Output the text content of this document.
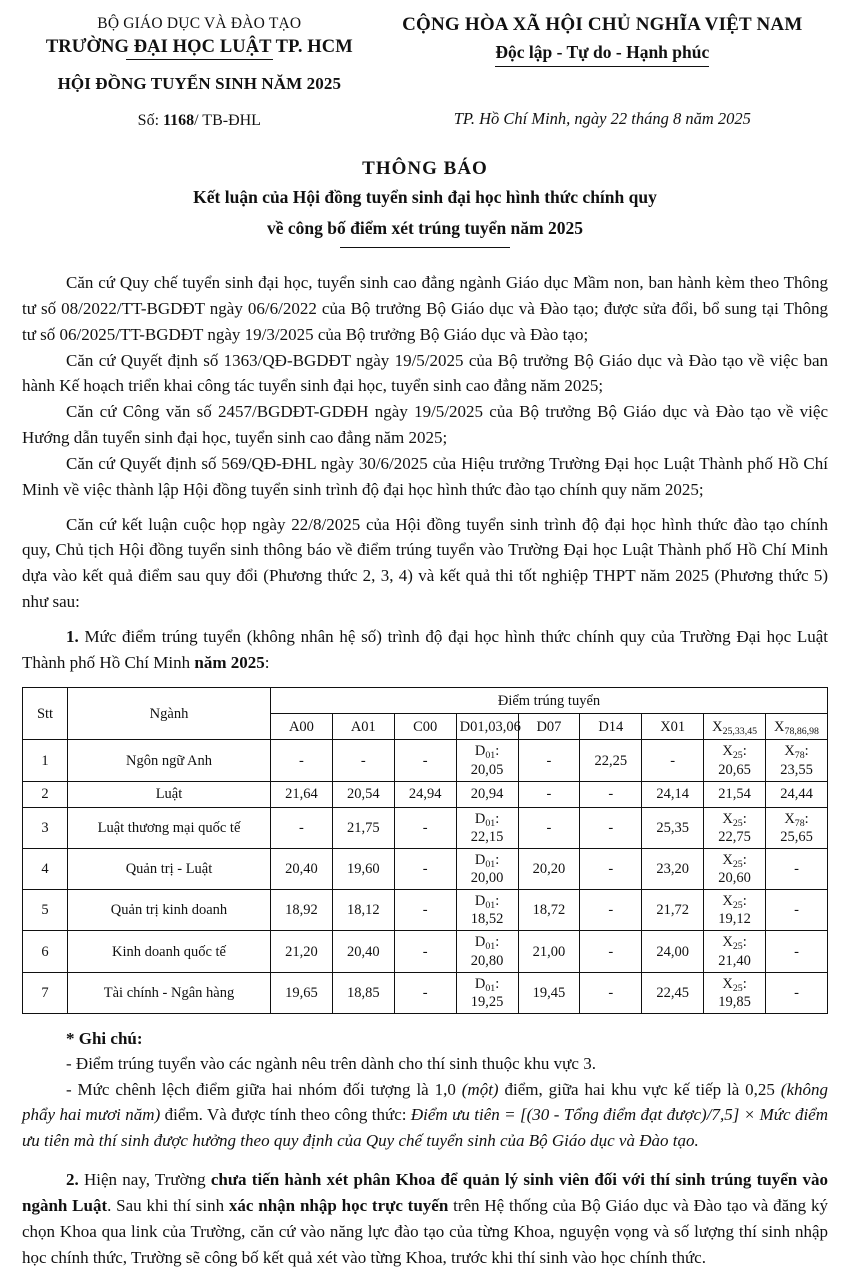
BỘ GIÁO DỤC VÀ ĐÀO TẠO
TRƯỜNG ĐẠI HỌC LUẬT TP. HCM
HỘI ĐỒNG TUYỂN SINH NĂM 2025
Số: 1168/ TB-ĐHL
CỘNG HÒA XÃ HỘI CHỦ NGHĨA VIỆT NAM
Độc lập - Tự do - Hạnh phúc
TP. Hồ Chí Minh, ngày 22 tháng 8 năm 2025
THÔNG BÁO
Kết luận của Hội đồng tuyển sinh đại học hình thức chính quy
về công bố điểm xét trúng tuyển năm 2025

Căn cứ Quy chế tuyển sinh đại học, tuyển sinh cao đẳng ngành Giáo dục Mầm non, ban hành kèm theo Thông tư số 08/2022/TT-BGDĐT ngày 06/6/2022 của Bộ trưởng Bộ Giáo dục và Đào tạo; được sửa đổi, bổ sung tại Thông tư số 06/2025/TT-BGDĐT ngày 19/3/2025 của Bộ trưởng Bộ Giáo dục và Đào tạo;

Căn cứ Quyết định số 1363/QĐ-BGDĐT ngày 19/5/2025 của Bộ trưởng Bộ Giáo dục và Đào tạo về việc ban hành Kế hoạch triển khai công tác tuyển sinh đại học, tuyển sinh cao đẳng năm 2025;

Căn cứ Công văn số 2457/BGDĐT-GDĐH ngày 19/5/2025 của Bộ trưởng Bộ Giáo dục và Đào tạo về việc Hướng dẫn tuyển sinh đại học, tuyển sinh cao đẳng năm 2025;

Căn cứ Quyết định số 569/QĐ-ĐHL ngày 30/6/2025 của Hiệu trưởng Trường Đại học Luật Thành phố Hồ Chí Minh về việc thành lập Hội đồng tuyển sinh trình độ đại học hình thức đào tạo chính quy năm 2025;

Căn cứ kết luận cuộc họp ngày 22/8/2025 của Hội đồng tuyển sinh trình độ đại học hình thức đào tạo chính quy, Chủ tịch Hội đồng tuyển sinh thông báo về điểm trúng tuyển vào Trường Đại học Luật Thành phố Hồ Chí Minh dựa vào kết quả điểm sau quy đổi (Phương thức 2, 3, 4) và kết quả thi tốt nghiệp THPT năm 2025 (Phương thức 5) như sau:

1. Mức điểm trúng tuyển (không nhân hệ số) trình độ đại học hình thức chính quy của Trường Đại học Luật Thành phố Hồ Chí Minh năm 2025:

Stt	Ngành	Điểm trúng tuyển								
		A00	A01	C00	D01,03,06	D07	D14	X01	$X_{25,33,45}$	$X_{78,86,98}$
1	Ngôn ngữ Anh	-	-	-	$D_{01}$: 20,05	-	22,25	-	$X_{25}$: 20,65	$X_{78}$: 23,55
2	Luật	21,64	20,54	24,94	20,94	-	-	24,14	21,54	24,44
3	Luật thương mại quốc tế	-	21,75	-	$D_{01}$: 22,15	-	-	25,35	$X_{25}$: 22,75	$X_{78}$: 25,65
4	Quản trị - Luật	20,40	19,60	-	$D_{01}$: 20,00	20,20	-	23,20	$X_{25}$: 20,60	-
5	Quản trị kinh doanh	18,92	18,12	-	$D_{01}$: 18,52	18,72	-	21,72	$X_{25}$: 19,12	-
6	Kinh doanh quốc tế	21,20	20,40	-	$D_{01}$: 20,80	21,00	-	24,00	$X_{25}$: 21,40	-
7	Tài chính - Ngân hàng	19,65	18,85	-	$D_{01}$: 19,25	19,45	-	22,45	$X_{25}$: 19,85	-
* Ghi chú:

- Điểm trúng tuyển vào các ngành nêu trên dành cho thí sinh thuộc khu vực 3.

- Mức chênh lệch điểm giữa hai nhóm đối tượng là 1,0 (một) điểm, giữa hai khu vực kế tiếp là 0,25 (không phẩy hai mươi năm) điểm. Và được tính theo công thức: Điểm ưu tiên = [(30 - Tổng điểm đạt được)/7,5] × Mức điểm ưu tiên mà thí sinh được hưởng theo quy định của Quy chế tuyển sinh của Bộ Giáo dục và Đào tạo.

2. Hiện nay, Trường chưa tiến hành xét phân Khoa để quản lý sinh viên đối với thí sinh trúng tuyển vào ngành Luật. Sau khi thí sinh xác nhận nhập học trực tuyến trên Hệ thống của Bộ Giáo dục và Đào tạo và đăng ký chọn Khoa qua link của Trường, căn cứ vào năng lực đào tạo của từng Khoa, nguyện vọng và số lượng thí sinh nhập học chính thức, Trường sẽ công bố kết quả xét vào từng Khoa, trước khi thí sinh vào học chính thức.
